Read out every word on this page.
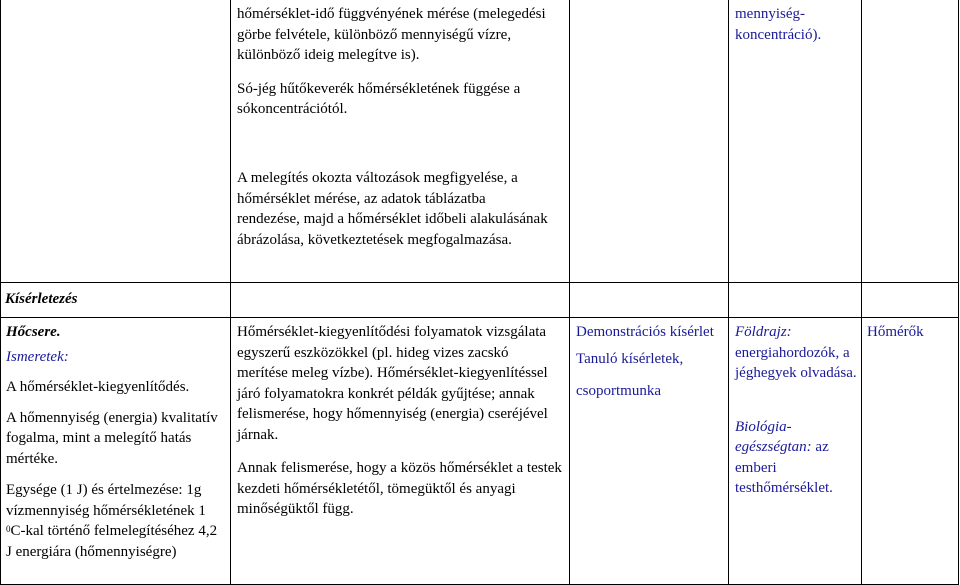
hőmérséklet-idő függvényének mérése (melegedési görbe felvétele, különböző mennyiségű vízre, különböző ideig melegítve is).

Só-jég hűtőkeverék hőmérsékletének függése a sókoncentrációtól.

mennyiség-koncentráció).

A melegítés okozta változások megfigyelése, a hőmérséklet mérése, az adatok táblázatba rendezése, majd a hőmérséklet időbeli alakulásának ábrázolása, következtetések megfogalmazása.

Kísérletezés

Hőcsere.

Ismeretek:

A hőmérséklet-kiegyenlítődés.

A hőmennyiség (energia) kvalitatív fogalma, mint a melegítő hatás mértéke.

Egysége (1 J) és értelmezése: 1g vízmennyiség hőmérsékletének 1 $^0$C-kal történő felmelegítéséhez 4,2 J energiára (hőmennyiségre)

Hőmérséklet-kiegyenlítődési folyamatok vizsgálata egyszerű eszközökkel (pl. hideg vizes zacskó merítése meleg vízbe). Hőmérséklet-kiegyenlítéssel járó folyamatokra konkrét példák gyűjtése; annak felismerése, hogy hőmennyiség (energia) cseréjével járnak.

Annak felismerése, hogy a közös hőmérséklet a testek kezdeti hőmérsékletétől, tömegüktől és anyagi minőségüktől függ.

Demonstrációs kísérlet

Tanuló kísérletek,

csoportmunka

Földrajz: energiahordozók, a jéghegyek olvadása.

Biológia-egészségtan: az emberi testhőmérséklet.

Hőmérők
